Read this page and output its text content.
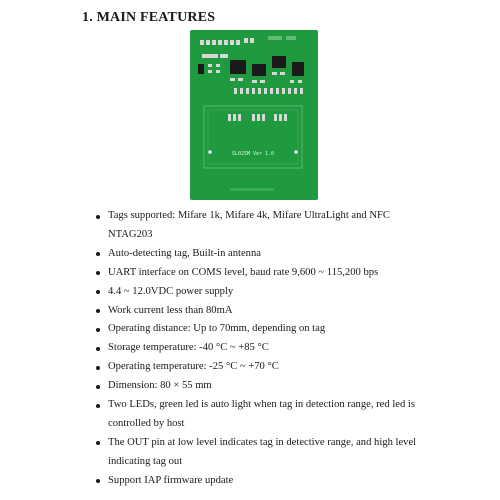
1. MAIN FEATURES
SL025M Ver 1.0
Tags supported: Mifare 1k, Mifare 4k, Mifare UltraLight and NFC NTAG203
Auto-detecting tag, Built-in antenna
UART interface on COMS level, baud rate 9,600 ~ 115,200 bps
4.4 ~ 12.0VDC power supply
Work current less than 80mA
Operating distance: Up to 70mm, depending on tag
Storage temperature: -40 °C ~ +85 °C
Operating temperature: -25 °C ~ +70 °C
Dimension: 80 × 55 mm
Two LEDs, green led is auto light when tag in detection range, red led is controlled by host
The OUT pin at low level indicates tag in detective range, and high level indicating tag out
Support IAP firmware update
